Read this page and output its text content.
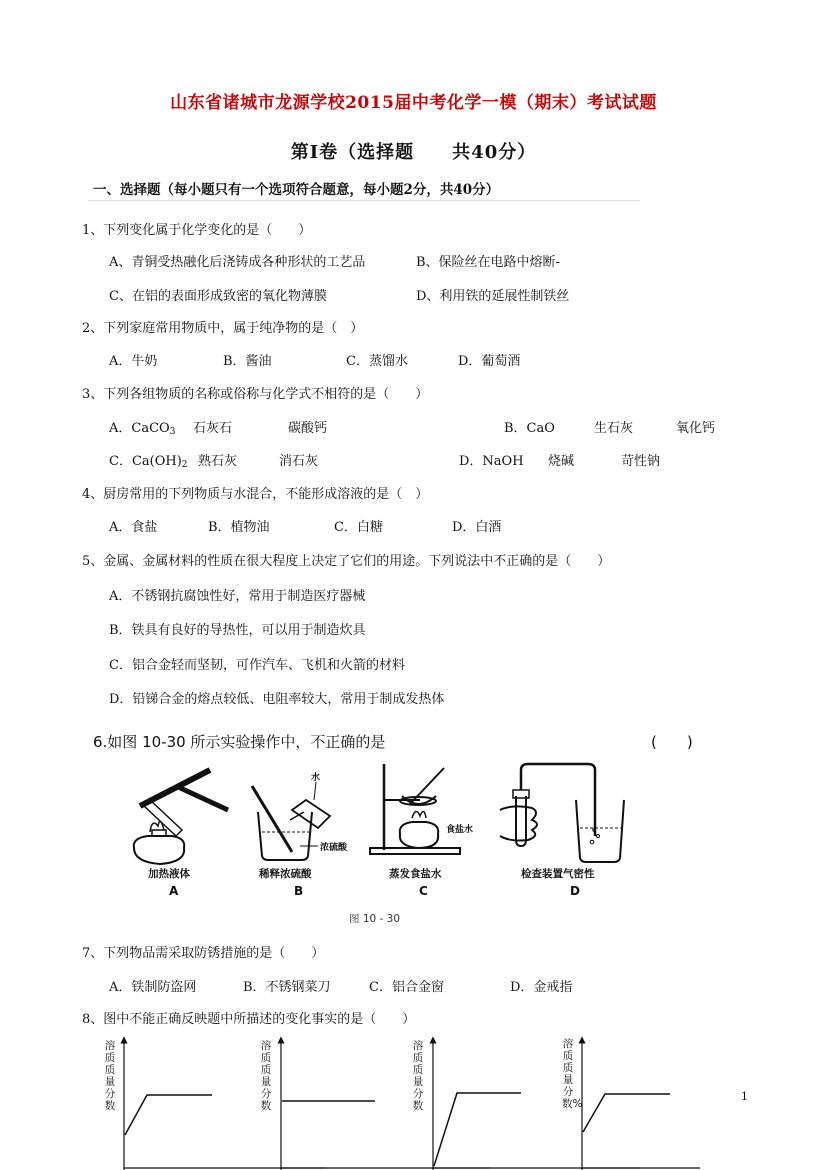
山东省诸城市龙源学校2015届中考化学一模（期末）考试试题
第Ⅰ卷（选择题　　共40分）
一、选择题（每小题只有一个选项符合题意，每小题2分，共40分）
1、下列变化属于化学变化的是（　　）
A、青铜受热融化后浇铸成各种形状的工艺品	B、保险丝在电路中熔断-
C、在铝的表面形成致密的氧化物薄膜	D、利用铁的延展性制铁丝
2、下列家庭常用物质中，属于纯净物的是（　）
A．牛奶	B．酱油	C．蒸馏水	D．葡萄酒
3、下列各组物质的名称或俗称与化学式不相符的是（　　）
A．CaCO$_3$ 石灰石	碳酸钙	B．CaO	生石灰	氧化钙
C．$Ca(OH)_2$ 熟石灰	消石灰	D．NaOH 烧碱	苛性钠
4、厨房常用的下列物质与水混合，不能形成溶液的是（　）
A．食盐	B．植物油	C．白糖	D．白酒
5、金属、金属材料的性质在很大程度上决定了它们的用途。下列说法中不正确的是（　　）
A．不锈钢抗腐蚀性好，常用于制造医疗器械
B．铁具有良好的导热性，可以用于制造炊具
C．铝合金轻而坚韧，可作汽车、飞机和火箭的材料
D．铅锑合金的熔点较低、电阻率较大，常用于制成发热体
6.如图 10-30 所示实验操作中，不正确的是	(　　)
水
浓硫酸
食盐水
加热液体	稀释浓硫酸	蒸发食盐水	检查装置气密性
A	B	C	D
图 10 - 30
7、下列物品需采取防锈措施的是（　　）
A．铁制防盗网	B．不锈钢菜刀	C．铝合金窗	D．金戒指
8、图中不能正确反映题中所描述的变化事实的是（　　）
溶质质量分数
溶质质量分数
溶质质量分数
溶质质量分数%
1
